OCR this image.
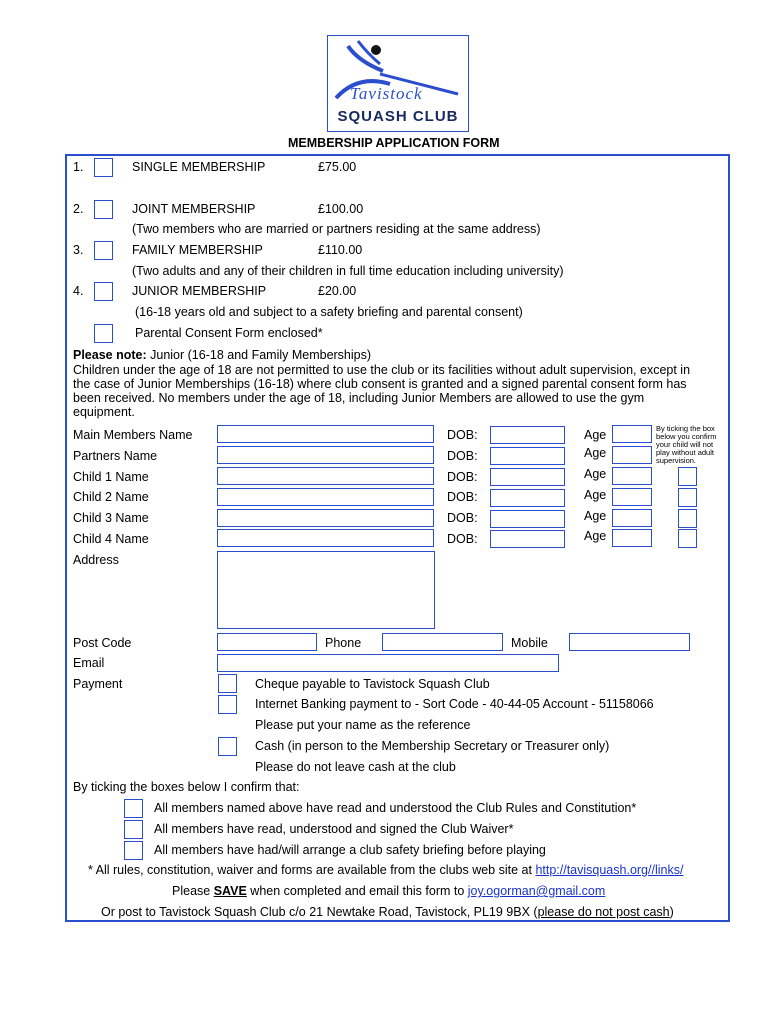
Tavistock
SQUASH CLUB
MEMBERSHIP APPLICATION FORM
1.	SINGLE MEMBERSHIP	£75.00
2.	JOINT MEMBERSHIP	£100.00
(Two members who are married or partners residing at the same address)
3.	FAMILY MEMBERSHIP	£110.00
(Two adults and any of their children in full time education including university)
4.	JUNIOR MEMBERSHIP	£20.00
(16-18 years old and subject to a safety briefing and parental consent)
Parental Consent Form enclosed*
Please note: Junior (16-18 and Family Memberships)
Children under the age of 18 are not permitted to use the club or its facilities without adult supervision, except in
the case of Junior Memberships (16-18) where club consent is granted and a signed parental consent form has
been received. No members under the age of 18, including Junior Members are allowed to use the gym
equipment.
By ticking the box below you confirm your child will not play without adult supervision.
Main Members Name	DOB:	Age
Partners Name	DOB:	Age
Child 1 Name	DOB:	Age
Child 2 Name	DOB:	Age
Child 3 Name	DOB:	Age
Child 4 Name	DOB:	Age
Address
Post Code	Phone	Mobile
Email
Payment	Cheque payable to Tavistock Squash Club
Internet Banking payment to - Sort Code - 40-44-05 Account - 51158066
Please put your name as the reference
Cash (in person to the Membership Secretary or Treasurer only)
Please do not leave cash at the club
By ticking the boxes below I confirm that:
All members named above have read and understood the Club Rules and Constitution*
All members have read, understood and signed the Club Waiver*
All members have had/will arrange a club safety briefing before playing
* All rules, constitution, waiver and forms are available from the clubs web site at http://tavisquash.org//links/
Please SAVE when completed and email this form to joy.ogorman@gmail.com
Or post to Tavistock Squash Club c/o 21 Newtake Road, Tavistock, PL19 9BX (please do not post cash)
